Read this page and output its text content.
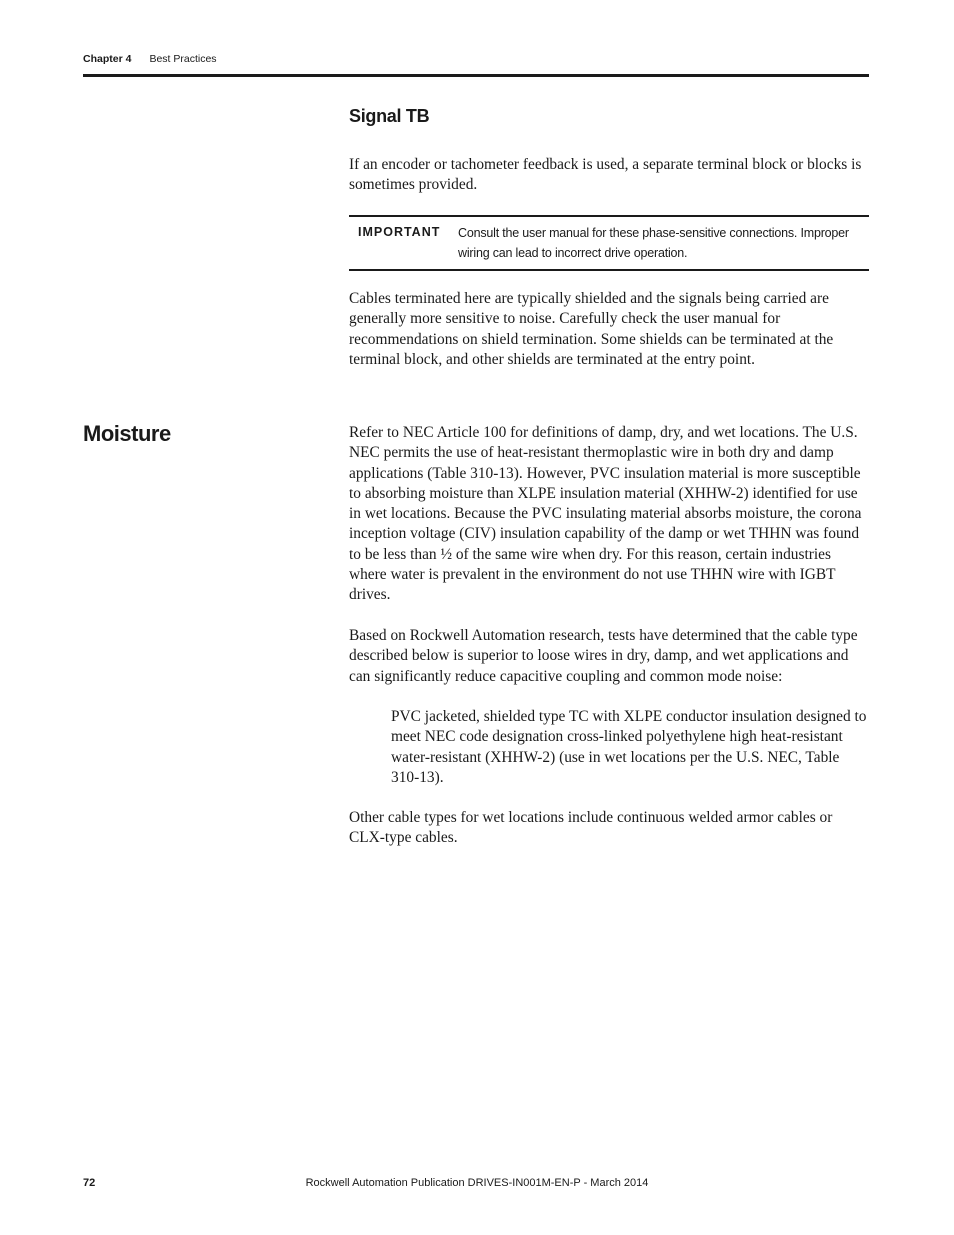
Chapter 4 Best Practices
Signal TB

If an encoder or tachometer feedback is used, a separate terminal block or blocks is sometimes provided.

IMPORTANT Consult the user manual for these phase-sensitive connections. Improper wiring can lead to incorrect drive operation.

Cables terminated here are typically shielded and the signals being carried are generally more sensitive to noise. Carefully check the user manual for recommendations on shield termination. Some shields can be terminated at the terminal block, and other shields are terminated at the entry point.

Moisture	Refer to NEC Article 100 for definitions of damp, dry, and wet locations. The U.S. NEC permits the use of heat-resistant thermoplastic wire in both dry and damp applications (Table 310-13). However, PVC insulation material is more susceptible to absorbing moisture than XLPE insulation material (XHHW-2) identified for use in wet locations. Because the PVC insulating material absorbs moisture, the corona inception voltage (CIV) insulation capability of the damp or wet THHN was found to be less than ½ of the same wire when dry. For this reason, certain industries where water is prevalent in the environment do not use THHN wire with IGBT drives.

Based on Rockwell Automation research, tests have determined that the cable type described below is superior to loose wires in dry, damp, and wet applications and can significantly reduce capacitive coupling and common mode noise:

PVC jacketed, shielded type TC with XLPE conductor insulation designed to meet NEC code designation cross-linked polyethylene high heat-resistant water-resistant (XHHW-2) (use in wet locations per the U.S. NEC, Table 310-13).

Other cable types for wet locations include continuous welded armor cables or CLX-type cables.

72	Rockwell Automation Publication DRIVES-IN001M-EN-P - March 2014
